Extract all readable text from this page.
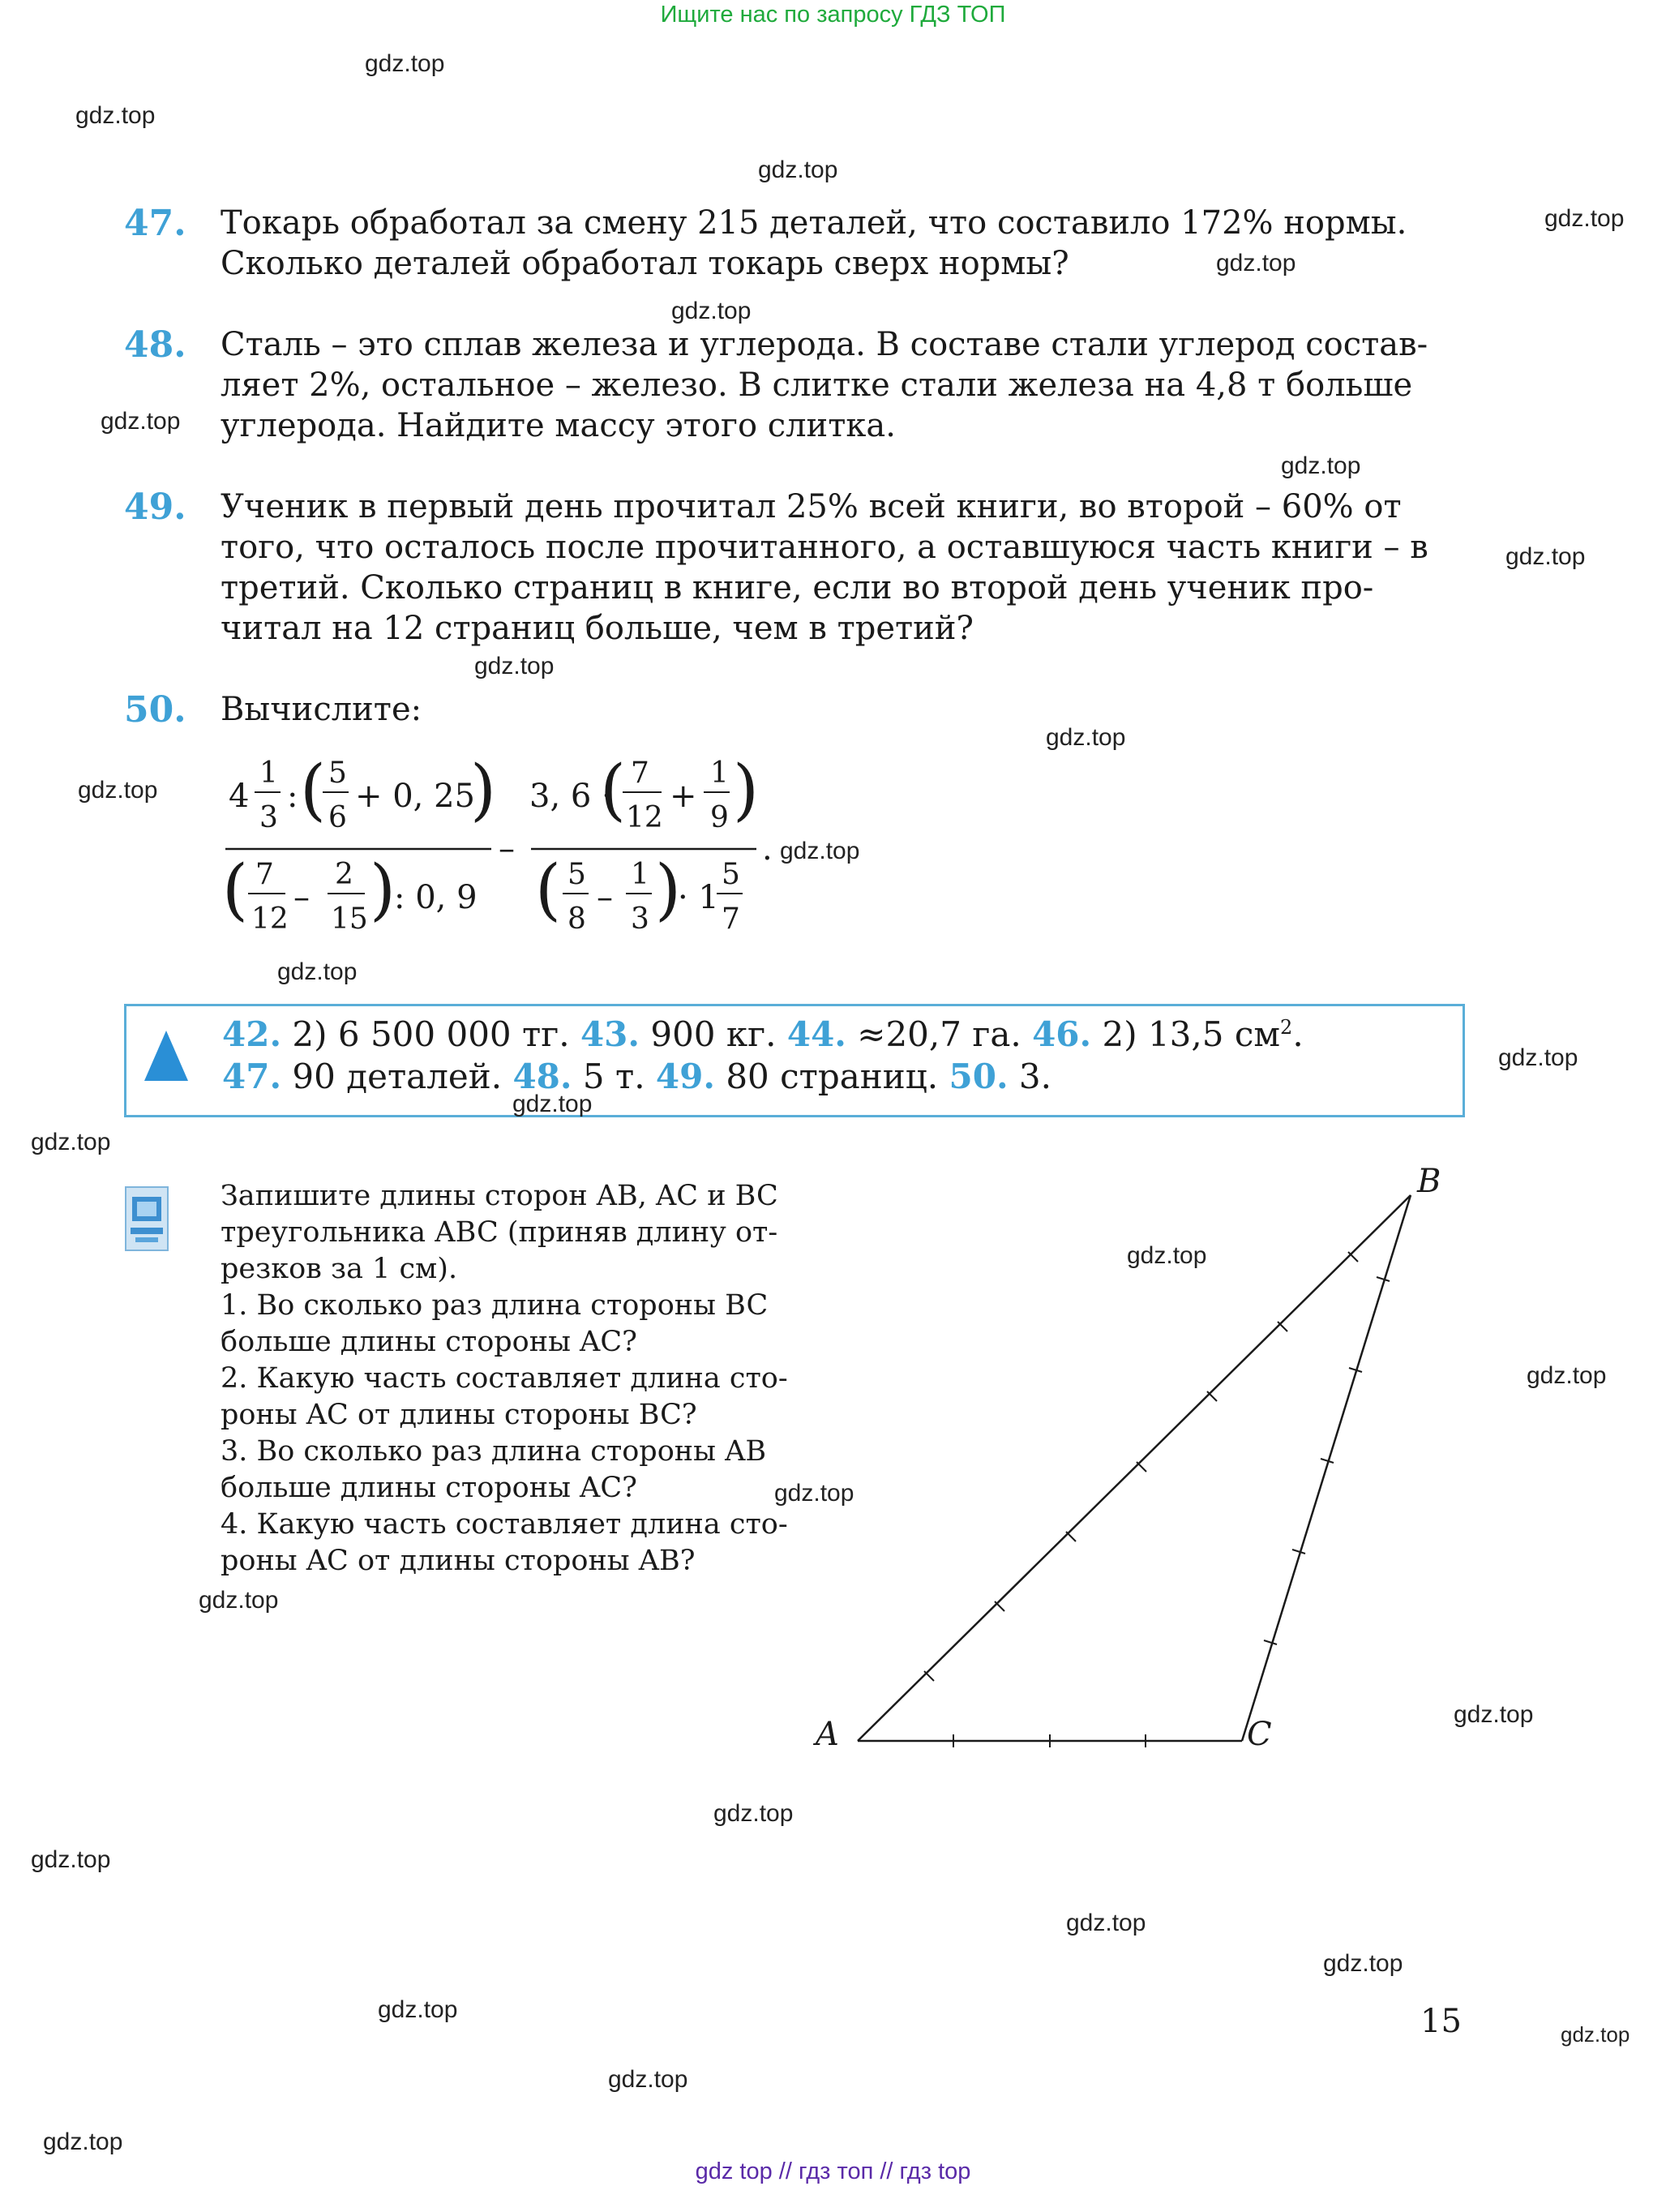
Ищите нас по запросу ГДЗ ТОП
47. Токарь обработал за смену 215 деталей, что составило 172% нормы.
Сколько деталей обработал токарь сверх нормы?
48. Сталь – это сплав железа и углерода. В составе стали углерод состав-
ляет 2%, остальное – железо. В слитке стали железа на 4,8 т больше
углерода. Найдите массу этого слитка.
49. Ученик в первый день прочитал 25% всей книги, во второй – 60% от
того, что осталось после прочитанного, а оставшуюся часть книги – в
третий. Сколько страниц в книге, если во второй день ученик про-
читал на 12 страниц больше, чем в третий?
50. Вычислите:
4
1
3
: ( 5
6
+ 0, 25
)
( 7
12
–
2
15 )
: 0, 9
–
3, 6 ·
( 7
12
+
1
9 )
( 5
8
–
1
3 )
· 1
5
7
.
42. 2) 6 500 000 тг. 43. 900 кг. 44. ≈20,7 га. 46. 2) 13,5 $см^2$.
47. 90 деталей. 48. 5 т. 49. 80 страниц. 50. 3.
Запишите длины сторон AB, AC и BC
треугольника ABC (приняв длину от-
резков за 1 см).
1. Во сколько раз длина стороны BC
больше длины стороны AC?
2. Какую часть составляет длина сто-
роны AC от длины стороны BC?
3. Во сколько раз длина стороны AB
больше длины стороны AC?
4. Какую часть составляет длина сто-
роны AC от длины стороны AB?
A
B
C
15
gdz.top
gdz.top
gdz.top
gdz.top
gdz.top
gdz.top
gdz.top
gdz.top
gdz.top
gdz.top
gdz.top
gdz.top
gdz.top
gdz.top
gdz.top
gdz.top
gdz.top
gdz.top
gdz.top
gdz.top
gdz.top
gdz.top
gdz.top
gdz.top
gdz.top
gdz.top
gdz.top
gdz.top
gdz.top
gdz.top
gdz top // гдз топ // гдз top
